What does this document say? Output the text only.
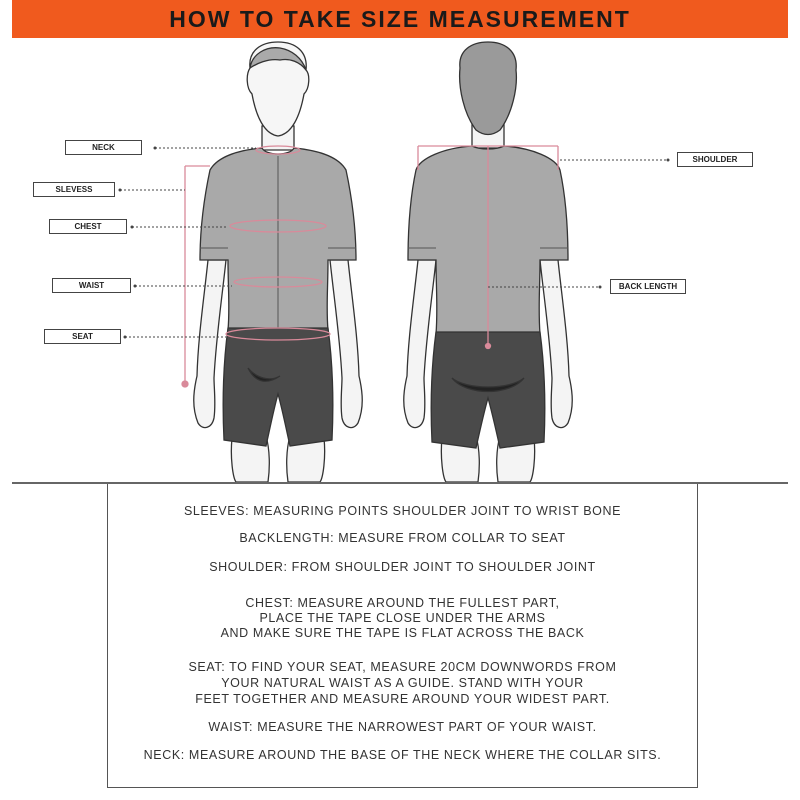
HOW TO TAKE SIZE MEASUREMENT
NECK
SLEVESS
CHEST
WAIST
SEAT
SHOULDER
BACK LENGTH
SLEEVES: MEASURING POINTS SHOULDER JOINT TO WRIST BONE
BACKLENGTH: MEASURE FROM COLLAR TO SEAT
SHOULDER: FROM SHOULDER JOINT TO SHOULDER JOINT
CHEST: MEASURE AROUND THE FULLEST PART,
PLACE THE TAPE CLOSE UNDER THE ARMS
AND MAKE SURE THE TAPE IS FLAT ACROSS THE BACK
SEAT: TO FIND YOUR SEAT, MEASURE 20CM DOWNWORDS FROM
YOUR NATURAL WAIST AS A GUIDE. STAND WITH YOUR
FEET TOGETHER AND MEASURE AROUND YOUR WIDEST PART.
WAIST: MEASURE THE NARROWEST PART OF YOUR WAIST.
NECK: MEASURE AROUND THE BASE OF THE NECK WHERE THE COLLAR SITS.
